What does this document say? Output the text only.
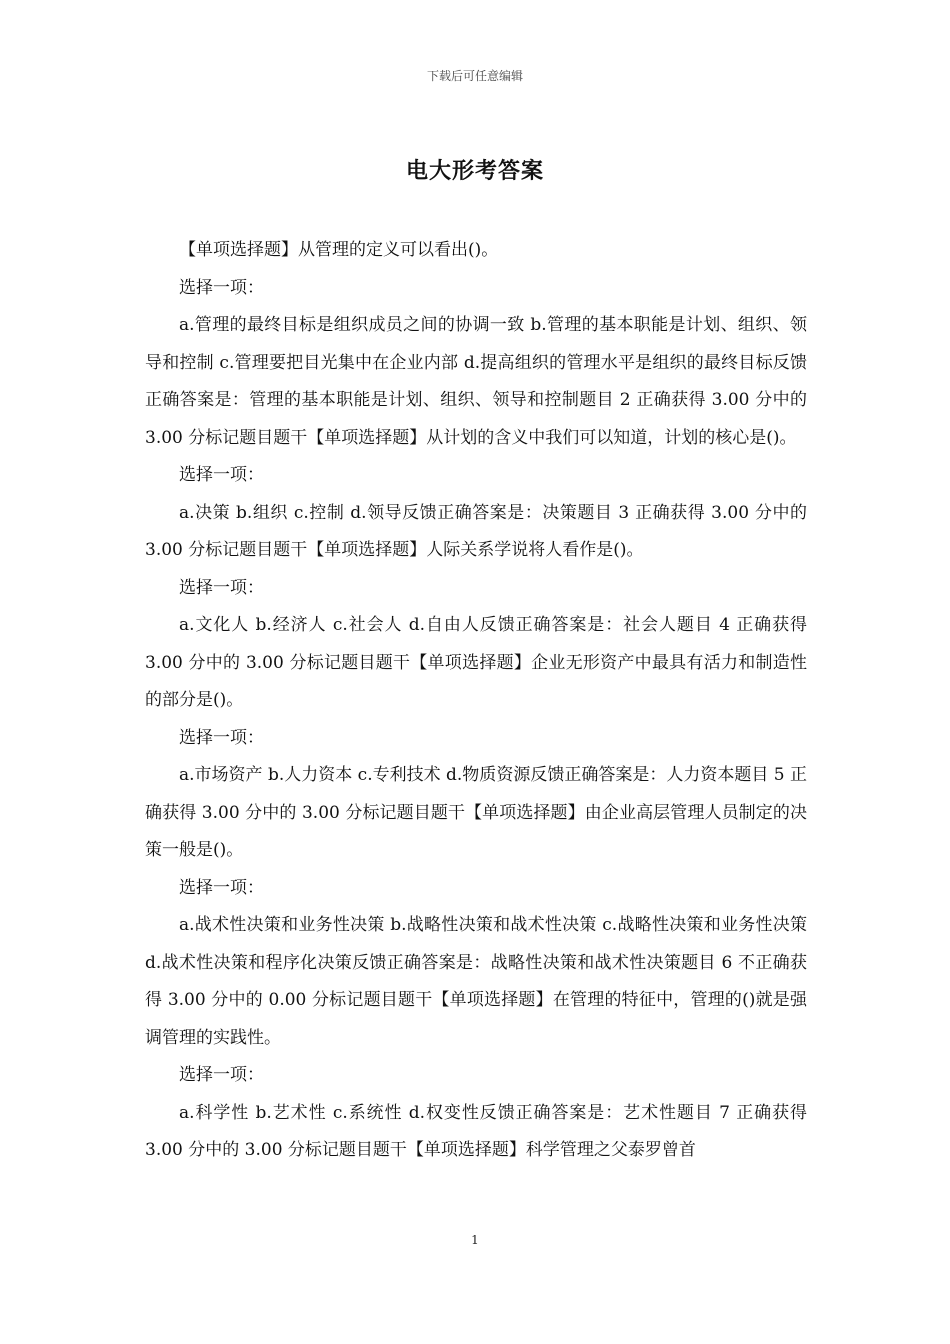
下载后可任意编辑
电大形考答案

【单项选择题】从管理的定义可以看出()。

选择一项：

a.管理的最终目标是组织成员之间的协调一致 b.管理的基本职能是计划、组织、领导和控制 c.管理要把目光集中在企业内部 d.提高组织的管理水平是组织的最终目标反馈正确答案是：管理的基本职能是计划、组织、领导和控制题目 2 正确获得 3.00 分中的 3.00 分标记题目题干【单项选择题】从计划的含义中我们可以知道，计划的核心是()。

选择一项：

a.决策 b.组织 c.控制 d.领导反馈正确答案是：决策题目 3 正确获得 3.00 分中的 3.00 分标记题目题干【单项选择题】人际关系学说将人看作是()。

选择一项：

a.文化人 b.经济人 c.社会人 d.自由人反馈正确答案是：社会人题目 4 正确获得 3.00 分中的 3.00 分标记题目题干【单项选择题】企业无形资产中最具有活力和制造性的部分是()。

选择一项：

a.市场资产 b.人力资本 c.专利技术 d.物质资源反馈正确答案是：人力资本题目 5 正确获得 3.00 分中的 3.00 分标记题目题干【单项选择题】由企业高层管理人员制定的决策一般是()。

选择一项：

a.战术性决策和业务性决策 b.战略性决策和战术性决策 c.战略性决策和业务性决策 d.战术性决策和程序化决策反馈正确答案是：战略性决策和战术性决策题目 6 不正确获得 3.00 分中的 0.00 分标记题目题干【单项选择题】在管理的特征中，管理的()就是强调管理的实践性。

选择一项：

a.科学性 b.艺术性 c.系统性 d.权变性反馈正确答案是：艺术性题目 7 正确获得 3.00 分中的 3.00 分标记题目题干【单项选择题】科学管理之父泰罗曾首

1
